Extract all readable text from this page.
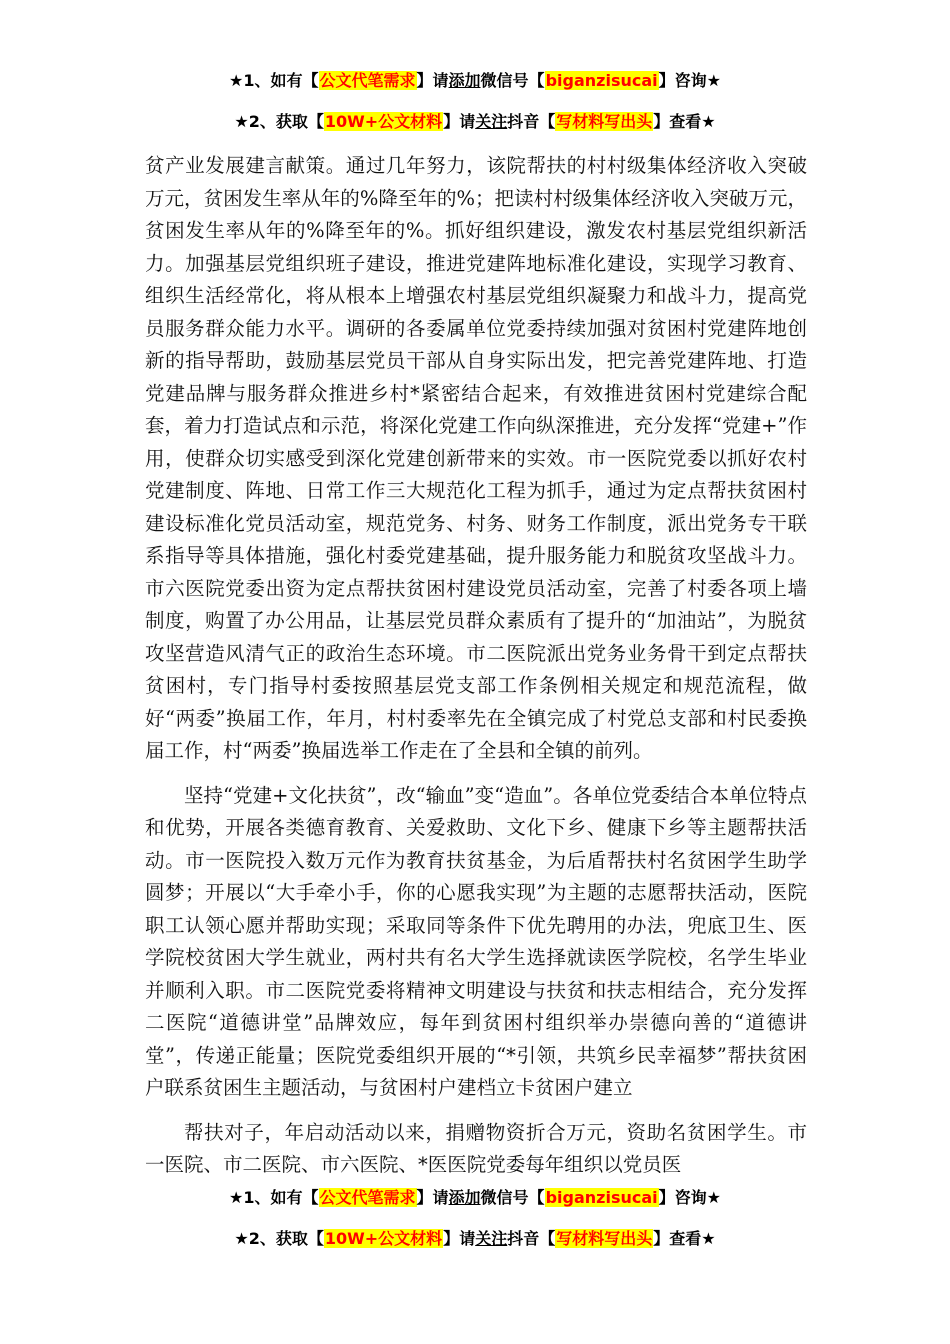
★1、如有【公文代笔需求】请添加微信号【biganzisucai】咨询★
★2、获取【10W+公文材料】请关注抖音【写材料写出头】查看★

贫产业发展建言献策。通过几年努力，该院帮扶的村村级集体经济收入突破万元，贫困发生率从年的%降至年的%；把读村村级集体经济收入突破万元，贫困发生率从年的%降至年的%。抓好组织建设，激发农村基层党组织新活力。加强基层党组织班子建设，推进党建阵地标准化建设，实现学习教育、组织生活经常化，将从根本上增强农村基层党组织凝聚力和战斗力，提高党员服务群众能力水平。调研的各委属单位党委持续加强对贫困村党建阵地创新的指导帮助，鼓励基层党员干部从自身实际出发，把完善党建阵地、打造党建品牌与服务群众推进乡村*紧密结合起来，有效推进贫困村党建综合配套，着力打造试点和示范，将深化党建工作向纵深推进，充分发挥“党建+”作用，使群众切实感受到深化党建创新带来的实效。市一医院党委以抓好农村党建制度、阵地、日常工作三大规范化工程为抓手，通过为定点帮扶贫困村建设标准化党员活动室，规范党务、村务、财务工作制度，派出党务专干联系指导等具体措施，强化村委党建基础，提升服务能力和脱贫攻坚战斗力。市六医院党委出资为定点帮扶贫困村建设党员活动室，完善了村委各项上墙制度，购置了办公用品，让基层党员群众素质有了提升的“加油站”，为脱贫攻坚营造风清气正的政治生态环境。市二医院派出党务业务骨干到定点帮扶贫困村，专门指导村委按照基层党支部工作条例相关规定和规范流程，做好“两委”换届工作，年月，村村委率先在全镇完成了村党总支部和村民委换届工作，村“两委”换届选举工作走在了全县和全镇的前列。

坚持“党建+文化扶贫”，改“输血”变“造血”。各单位党委结合本单位特点和优势，开展各类德育教育、关爱救助、文化下乡、健康下乡等主题帮扶活动。市一医院投入数万元作为教育扶贫基金，为后盾帮扶村名贫困学生助学圆梦；开展以“大手牵小手，你的心愿我实现”为主题的志愿帮扶活动，医院职工认领心愿并帮助实现；采取同等条件下优先聘用的办法，兜底卫生、医学院校贫困大学生就业，两村共有名大学生选择就读医学院校，名学生毕业并顺利入职。市二医院党委将精神文明建设与扶贫和扶志相结合，充分发挥二医院“道德讲堂”品牌效应，每年到贫困村组织举办崇德向善的“道德讲堂”，传递正能量；医院党委组织开展的“*引领，共筑乡民幸福梦”帮扶贫困户联系贫困生主题活动，与贫困村户建档立卡贫困户建立

帮扶对子，年启动活动以来，捐赠物资折合万元，资助名贫困学生。市一医院、市二医院、市六医院、*医医院党委每年组织以党员医

★1、如有【公文代笔需求】请添加微信号【biganzisucai】咨询★
★2、获取【10W+公文材料】请关注抖音【写材料写出头】查看★
